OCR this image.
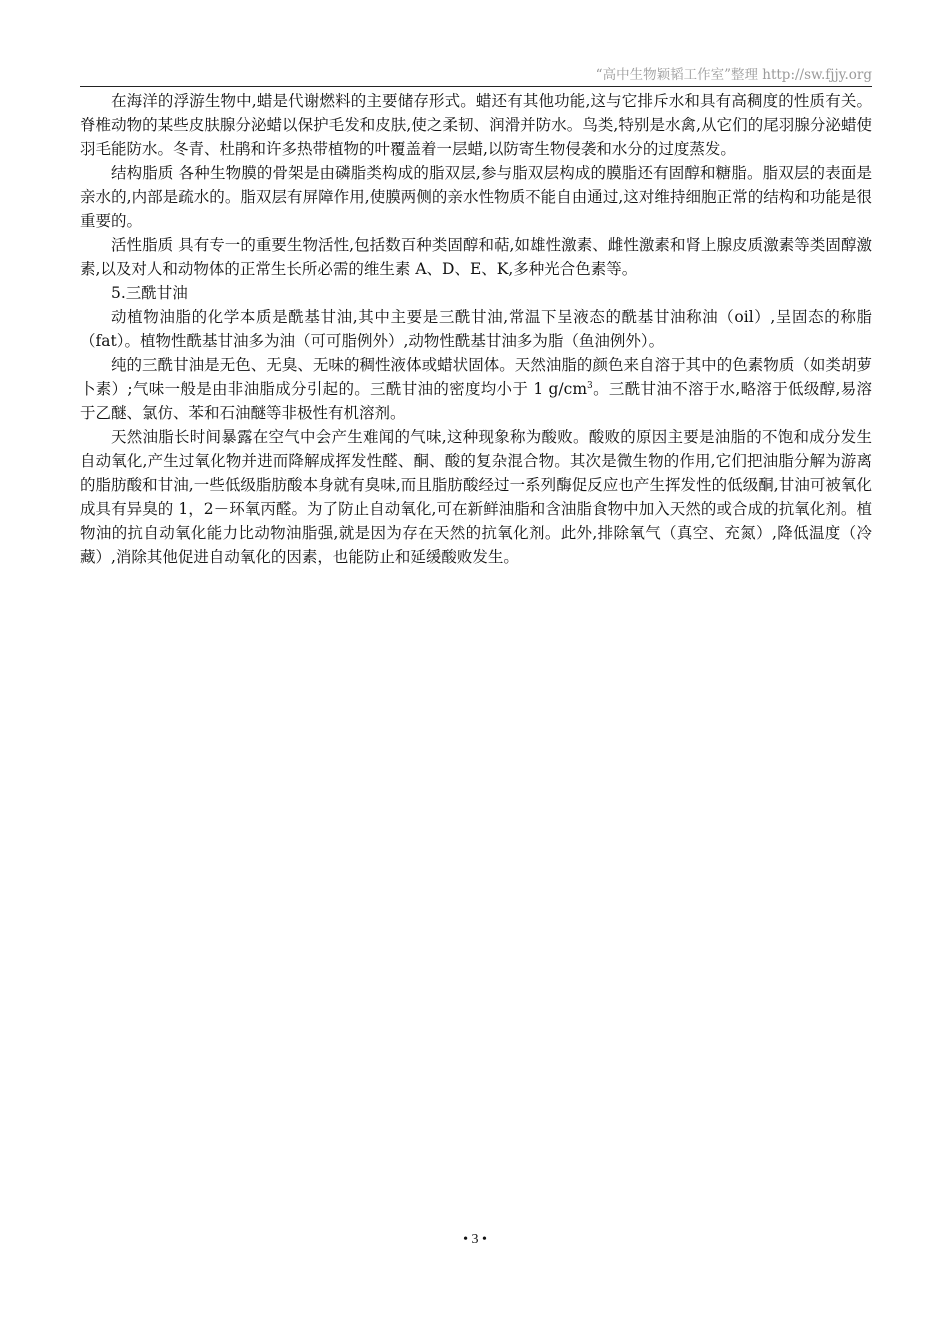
“高中生物颖韬工作室”整理 http://sw.fjjy.org

在海洋的浮游生物中,蜡是代谢燃料的主要储存形式。蜡还有其他功能,这与它排斥水和具有高稠度的性质有关。脊椎动物的某些皮肤腺分泌蜡以保护毛发和皮肤,使之柔韧、润滑并防水。鸟类,特别是水禽,从它们的尾羽腺分泌蜡使羽毛能防水。冬青、杜鹃和许多热带植物的叶覆盖着一层蜡,以防寄生物侵袭和水分的过度蒸发。

结构脂质 各种生物膜的骨架是由磷脂类构成的脂双层,参与脂双层构成的膜脂还有固醇和糖脂。脂双层的表面是亲水的,内部是疏水的。脂双层有屏障作用,使膜两侧的亲水性物质不能自由通过,这对维持细胞正常的结构和功能是很重要的。

活性脂质 具有专一的重要生物活性,包括数百种类固醇和萜,如雄性激素、雌性激素和肾上腺皮质激素等类固醇激素,以及对人和动物体的正常生长所必需的维生素 A、D、E、K,多种光合色素等。

5.三酰甘油

动植物油脂的化学本质是酰基甘油,其中主要是三酰甘油,常温下呈液态的酰基甘油称油（oil）,呈固态的称脂（fat）。植物性酰基甘油多为油（可可脂例外）,动物性酰基甘油多为脂（鱼油例外）。

纯的三酰甘油是无色、无臭、无味的稠性液体或蜡状固体。天然油脂的颜色来自溶于其中的色素物质（如类胡萝卜素）;气味一般是由非油脂成分引起的。三酰甘油的密度均小于 1 $g/cm^3$。三酰甘油不溶于水,略溶于低级醇,易溶于乙醚、氯仿、苯和石油醚等非极性有机溶剂。

天然油脂长时间暴露在空气中会产生难闻的气味,这种现象称为酸败。酸败的原因主要是油脂的不饱和成分发生自动氧化,产生过氧化物并进而降解成挥发性醛、酮、酸的复杂混合物。其次是微生物的作用,它们把油脂分解为游离的脂肪酸和甘油,一些低级脂肪酸本身就有臭味,而且脂肪酸经过一系列酶促反应也产生挥发性的低级酮,甘油可被氧化成具有异臭的 1，2－环氧丙醛。为了防止自动氧化,可在新鲜油脂和含油脂食物中加入天然的或合成的抗氧化剂。植物油的抗自动氧化能力比动物油脂强,就是因为存在天然的抗氧化剂。此外,排除氧气（真空、充氮）,降低温度（冷藏）,消除其他促进自动氧化的因素，也能防止和延缓酸败发生。

• 3 •
